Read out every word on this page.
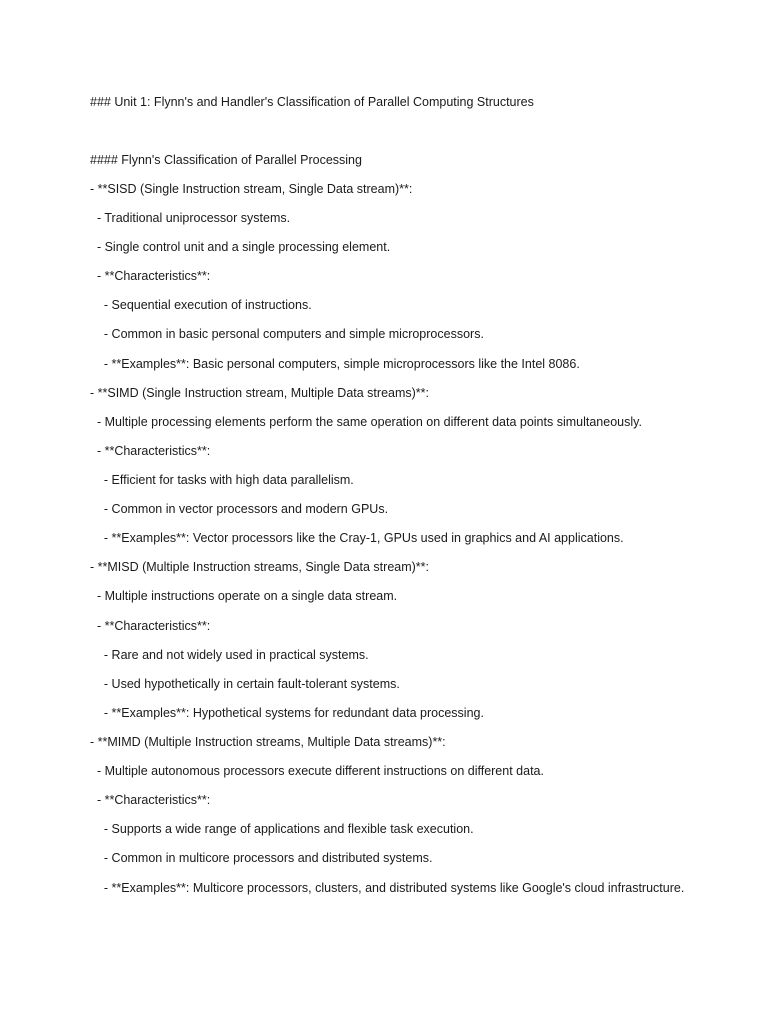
### Unit 1: Flynn's and Handler's Classification of Parallel Computing Structures
#### Flynn's Classification of Parallel Processing
- **SISD (Single Instruction stream, Single Data stream)**:
- Traditional uniprocessor systems.
- Single control unit and a single processing element.
- **Characteristics**:
- Sequential execution of instructions.
- Common in basic personal computers and simple microprocessors.
- **Examples**: Basic personal computers, simple microprocessors like the Intel 8086.
- **SIMD (Single Instruction stream, Multiple Data streams)**:
- Multiple processing elements perform the same operation on different data points simultaneously.
- **Characteristics**:
- Efficient for tasks with high data parallelism.
- Common in vector processors and modern GPUs.
- **Examples**: Vector processors like the Cray-1, GPUs used in graphics and AI applications.
- **MISD (Multiple Instruction streams, Single Data stream)**:
- Multiple instructions operate on a single data stream.
- **Characteristics**:
- Rare and not widely used in practical systems.
- Used hypothetically in certain fault-tolerant systems.
- **Examples**: Hypothetical systems for redundant data processing.
- **MIMD (Multiple Instruction streams, Multiple Data streams)**:
- Multiple autonomous processors execute different instructions on different data.
- **Characteristics**:
- Supports a wide range of applications and flexible task execution.
- Common in multicore processors and distributed systems.
- **Examples**: Multicore processors, clusters, and distributed systems like Google's cloud infrastructure.
